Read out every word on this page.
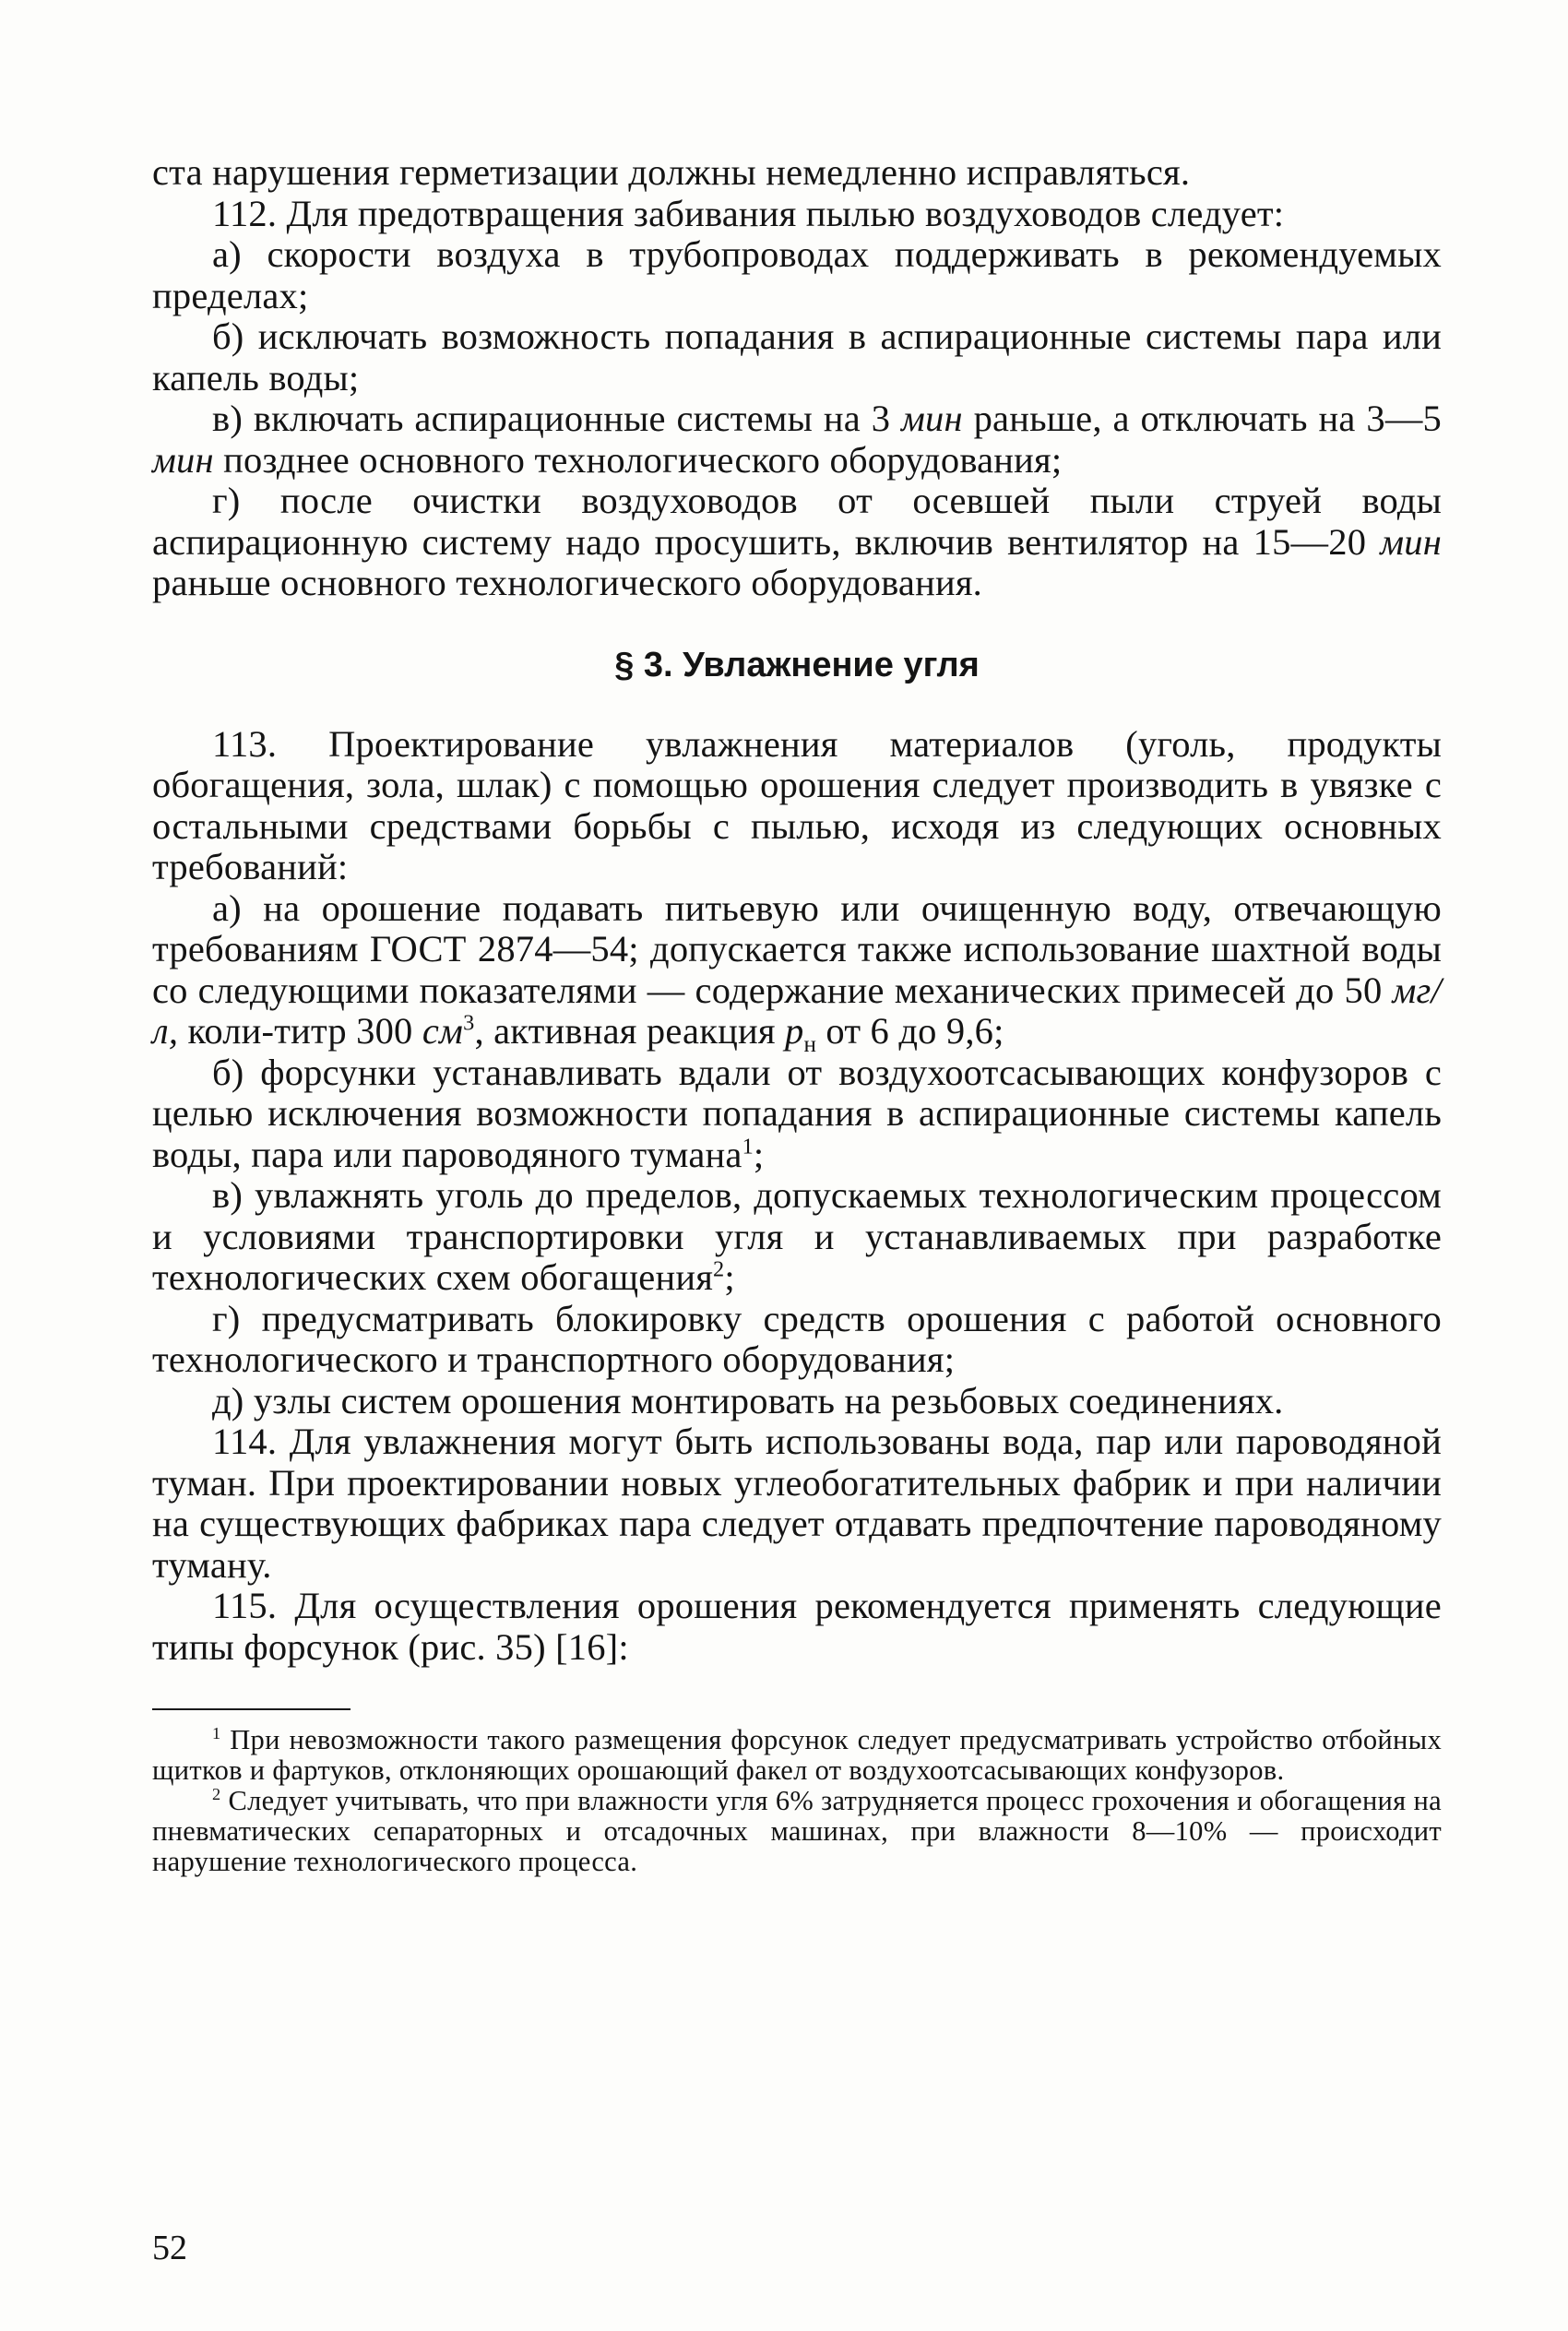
ста нарушения герметизации должны немедленно исправляться.

112. Для предотвращения забивания пылью воздуховодов следует:

а) скорости воздуха в трубопроводах поддерживать в рекомендуемых пределах;

б) исключать возможность попадания в аспирационные системы пара или капель воды;

в) включать аспирационные системы на 3 мин раньше, а отключать на 3—5 мин позднее основного технологического оборудования;

г) после очистки воздуховодов от осевшей пыли струей воды аспирационную систему надо просушить, включив вентилятор на 15—20 мин раньше основного технологического оборудования.

§ 3. Увлажнение угля

113. Проектирование увлажнения материалов (уголь, продукты обогащения, зола, шлак) с помощью орошения следует производить в увязке с остальными средствами борьбы с пылью, исходя из следующих основных требований:

а) на орошение подавать питьевую или очищенную воду, отвечающую требованиям ГОСТ 2874—54; допускается также использование шахтной воды со следующими показателями — содержание механических примесей до 50 мг/л, коли-титр 300 $см^3$, активная реакция $р_н$ от 6 до 9,6;

б) форсунки устанавливать вдали от воздухоотсасывающих конфузоров с целью исключения возможности попадания в аспирационные системы капель воды, пара или пароводяного тумана$^1$;

в) увлажнять уголь до пределов, допускаемых технологическим процессом и условиями транспортировки угля и устанавливаемых при разработке технологических схем обогащения$^2$;

г) предусматривать блокировку средств орошения с работой основного технологического и транспортного оборудования;

д) узлы систем орошения монтировать на резьбовых соединениях.

114. Для увлажнения могут быть использованы вода, пар или пароводяной туман. При проектировании новых углеобогатительных фабрик и при наличии на существующих фабриках пара следует отдавать предпочтение пароводяному туману.

115. Для осуществления орошения рекомендуется применять следующие типы форсунок (рис. 35) [16]:

$^1$ При невозможности такого размещения форсунок следует предусматривать устройство отбойных щитков и фартуков, отклоняющих орошающий факел от воздухоотсасывающих конфузоров.

$^2$ Следует учитывать, что при влажности угля 6% затрудняется процесс грохочения и обогащения на пневматических сепараторных и отсадочных машинах, при влажности 8—10% — происходит нарушение технологического процесса.

52
